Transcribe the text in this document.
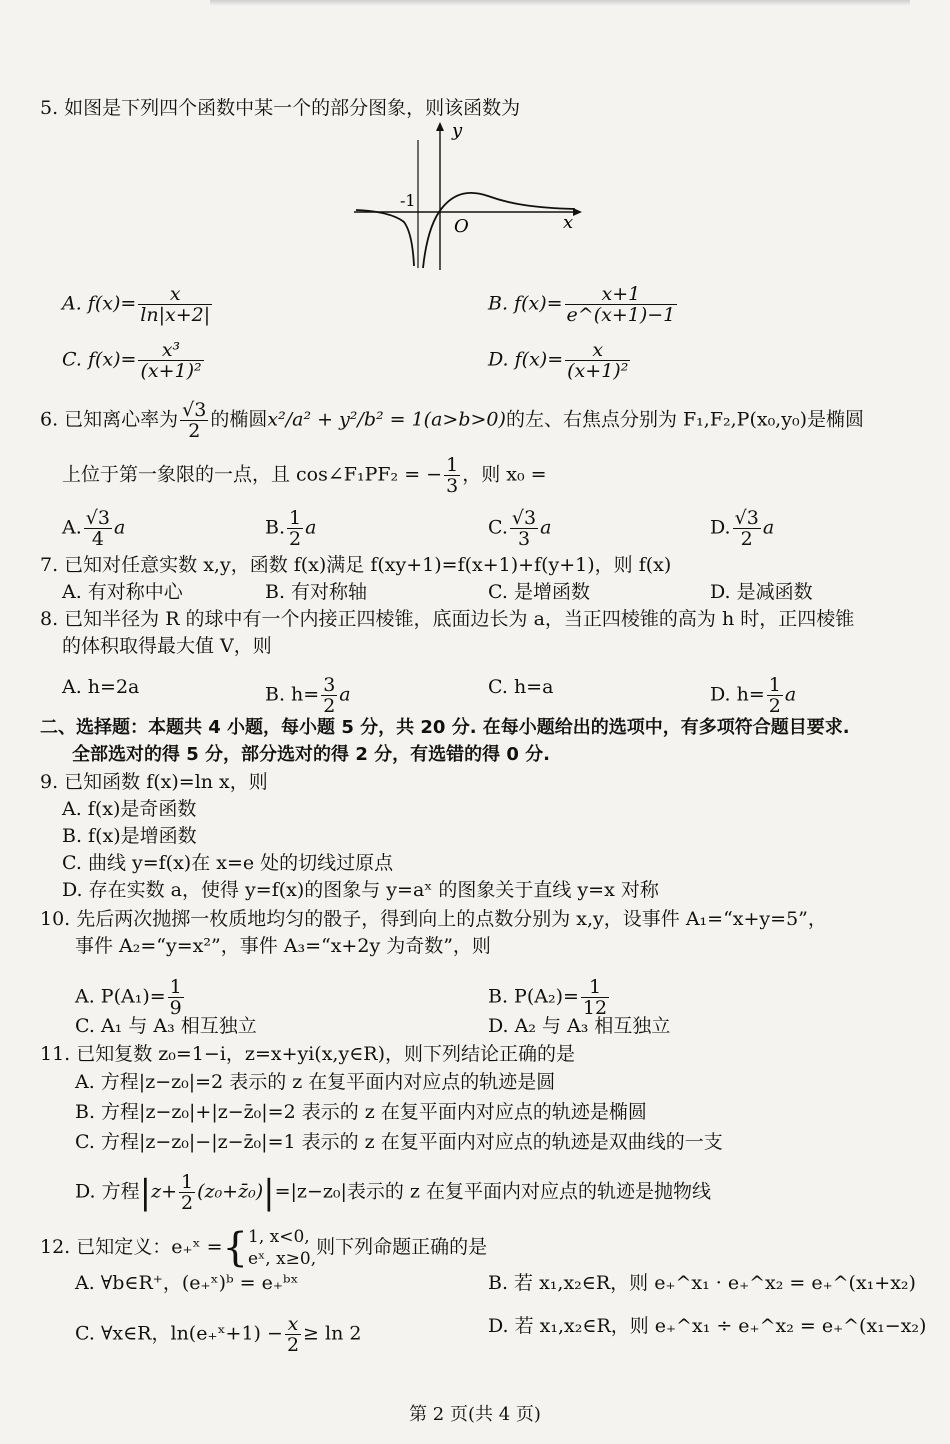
5. 如图是下列四个函数中某一个的部分图象，则该函数为
y
x
O
-1
A. $f(x)= \frac{x}{\ln|x+2|}$	B. $f(x)= \frac{x+1}{e\^{}(x+1)-1}$
C. $f(x)= \frac{\text{x³}}{\text{(x+1)²}}$	D. $f(x)= \frac{x}{\text{(x+1)²}}$
6. 已知离心率为 $\frac{√3}{2}$ 的椭圆x²/a² + y²/b² = 1(a>b>0)的左、右焦点分别为 F₁,F₂,P(x₀,y₀)是椭圆
上位于第一象限的一点，且 cos∠F₁PF₂ = − $\frac{1}{3}$ ，则 x₀ =
A. $\frac{√3}{4}$ a	B. $\frac{1}{2}$ a	C. $\frac{√3}{3}$ a	D. $\frac{√3}{2}$ a
7. 已知对任意实数 x,y，函数 f(x)满足 f(xy+1)=f(x+1)+f(y+1)，则 f(x)
A. 有对称中心	B. 有对称轴	C. 是增函数	D. 是减函数
8. 已知半径为 R 的球中有一个内接正四棱锥，底面边长为 a，当正四棱锥的高为 h 时，正四棱锥
的体积取得最大值 V，则
A. h=2a	B. $h= \frac{3}{2}$ a	C. h=a	D. $h= \frac{1}{2}$ a
二、选择题：本题共 4 小题，每小题 5 分，共 20 分. 在每小题给出的选项中，有多项符合题目要求.
全部选对的得 5 分，部分选对的得 2 分，有选错的得 0 分.
9. 已知函数 f(x)=ln x，则
A. f(x)是奇函数
B. f(x)是增函数
C. 曲线 y=f(x)在 x=e 处的切线过原点
D. 存在实数 a，使得 y=f(x)的图象与 y=aˣ 的图象关于直线 y=x 对称
10. 先后两次抛掷一枚质地均匀的骰子，得到向上的点数分别为 x,y，设事件 A₁=“x+y=5”，
事件 A₂=“y=x²”，事件 A₃=“x+2y 为奇数”，则
A. $P(A_1)= \frac{1}{9}$	B. $P(A_2)= \frac{1}{12}$
C. A₁ 与 A₃ 相互独立	D. A₂ 与 A₃ 相互独立
11. 已知复数 z₀=1−i，z=x+yi(x,y∈R)，则下列结论正确的是
A. 方程|z−z₀|=2 表示的 z 在复平面内对应点的轨迹是圆
B. 方程|z−z₀|+|z−z̄₀|=2 表示的 z 在复平面内对应点的轨迹是椭圆
C. 方程|z−z₀|−|z−z̄₀|=1 表示的 z 在复平面内对应点的轨迹是双曲线的一支
D. 方程$|z+ \frac{1}{2}$ (z₀+z̄₀)|=|z−z₀|表示的 z 在复平面内对应点的轨迹是抛物线
12. 已知定义：e₊ˣ ={ 1, x<0,
eˣ, x≥0,
则下列命题正确的是
A. ∀b∈R⁺，(e₊ˣ)ᵇ = e₊ᵇˣ	B. 若 x₁,x₂∈R，则 e₊^x₁ · e₊^x₂ = e₊^(x₁+x₂)
C. ∀x∈R，ln(e₊ˣ+1) − $\frac{x}{2} \ge \ln 2$	D. 若 x₁,x₂∈R，则 e₊^x₁ ÷ e₊^x₂ = e₊^(x₁−x₂)
第 2 页(共 4 页)
